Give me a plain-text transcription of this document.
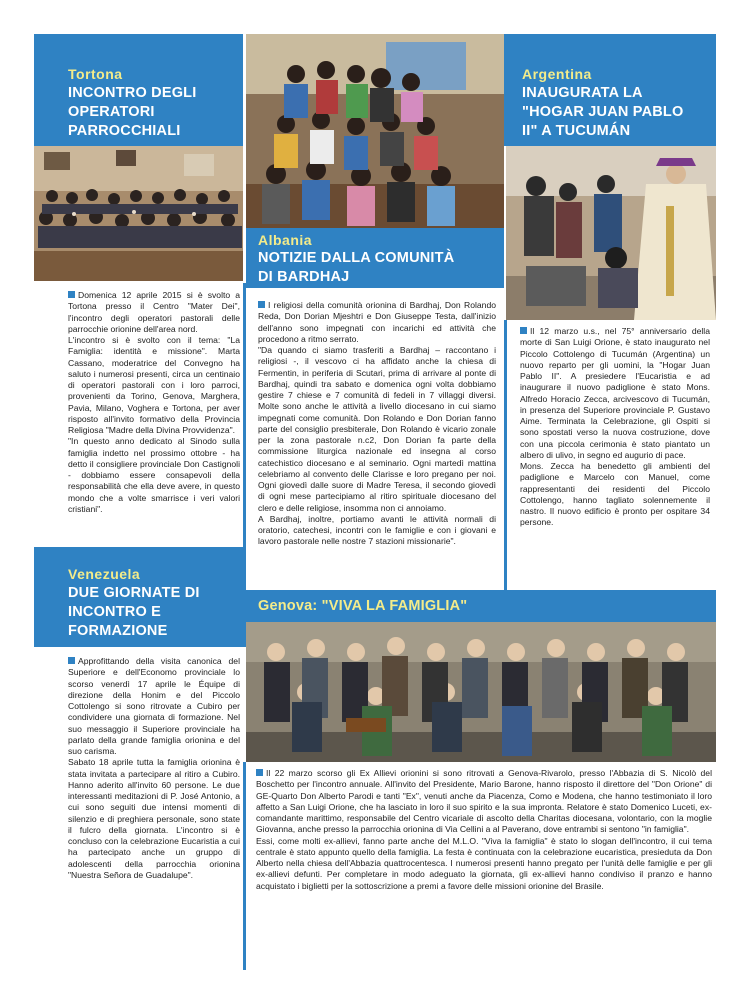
Tortona
INCONTRO DEGLI OPERATORI PARROCCHIALI

Domenica 12 aprile 2015 si è svolto a Tortona presso il Centro "Mater Dei", l'incontro degli operatori pastorali delle parrocchie orionine dell'area nord.

L'incontro si è svolto con il tema: "La Famiglia: identità e missione". Marta Cassano, moderatrice del Convegno ha saluto i numerosi presenti, circa un centinaio di operatori pastorali con i loro parroci, provenienti da Torino, Genova, Marghera, Pavia, Milano, Voghera e Tortona, per aver risposto all'invito formativo della Provincia Religiosa "Madre della Divina Provvidenza".

"In questo anno dedicato al Sinodo sulla famiglia indetto nel prossimo ottobre - ha detto il consigliere provinciale Don Castignoli - dobbiamo essere consapevoli della responsabilità che ella deve avere, in questo mondo che a volte smarrisce i veri valori cristiani".

Albania
NOTIZIE DALLA COMUNITÀ DI BARDHAJ

I religiosi della comunità orionina di Bardhaj, Don Rolando Reda, Don Dorian Mjeshtri e Don Giuseppe Testa, dall'inizio dell'anno sono impegnati con incarichi ed attività che procedono a ritmo serrato.

"Da quando ci siamo trasferiti a Bardhaj – raccontano i religiosi -, il vescovo ci ha affidato anche la chiesa di Fermentin, in periferia di Scutari, prima di arrivare al ponte di Bardhaj, quindi tra sabato e domenica ogni volta dobbiamo gestire 7 chiese e 7 comunità di fedeli in 7 villaggi diversi. Molte sono anche le attività a livello diocesano in cui siamo impegnati come comunità. Don Rolando e Don Dorian fanno parte del consiglio presbiterale, Don Rolando è vicario zonale per la zona pastorale n.c2, Don Dorian fa parte della commissione liturgica nazionale ed insegna al corso catechistico diocesano e al seminario. Ogni martedì mattina celebriamo al convento delle Clarisse e loro pregano per noi. Ogni giovedì dalle suore di Madre Teresa, il secondo giovedì di ogni mese partecipiamo al ritiro spirituale diocesano del clero e delle religiose, insomma non ci annoiamo.

A Bardhaj, inoltre, portiamo avanti le attività normali di oratorio, catechesi, incontri con le famiglie e con i giovani e lavoro pastorale nelle nostre 7 stazioni missionarie".

Argentina
INAUGURATA LA "HOGAR JUAN PABLO II" A TUCUMÁN

Il 12 marzo u.s., nel 75° anniversario della morte di San Luigi Orione, è stato inaugurato nel Piccolo Cottolengo di Tucumán (Argentina) un nuovo reparto per gli uomini, la "Hogar Juan Pablo II". A presiedere l'Eucaristia e ad inaugurare il nuovo padiglione è stato Mons. Alfredo Horacio Zecca, arcivescovo di Tucumán, in presenza del Superiore provinciale P. Gustavo Aime. Terminata la Celebrazione, gli Ospiti si sono spostati verso la nuova costruzione, dove con una piccola cerimonia è stato piantato un albero di ulivo, in segno ed augurio di pace.

Mons. Zecca ha benedetto gli ambienti del padiglione e Marcelo con Manuel, come rappresentanti dei residenti del Piccolo Cottolengo, hanno tagliato solennemente il nastro. Il nuovo edificio è pronto per ospitare 34 persone.

Venezuela
DUE GIORNATE DI INCONTRO E FORMAZIONE

Approfittando della visita canonica del Superiore e dell'Economo provinciale lo scorso venerdì 17 aprile le Équipe di direzione della Honim e del Piccolo Cottolengo si sono ritrovate a Cubiro per condividere una giornata di formazione. Nel suo messaggio il Superiore provinciale ha parlato della grande famiglia orionina e del suo carisma.

Sabato 18 aprile tutta la famiglia orionina è stata invitata a partecipare al ritiro a Cubiro. Hanno aderito all'invito 60 persone. Le due interessanti meditazioni di P. José Antonio, a cui sono seguiti due intensi momenti di silenzio e di preghiera personale, sono state il fulcro della giornata. L'incontro si è concluso con la celebrazione Eucaristia a cui ha partecipato anche un gruppo di adolescenti della parrocchia orionina "Nuestra Señora de Guadalupe".

Genova: "VIVA LA FAMIGLIA"

Il 22 marzo scorso gli Ex Allievi orionini si sono ritrovati a Genova-Rivarolo, presso l'Abbazia di S. Nicolò del Boschetto per l'incontro annuale. All'invito del Presidente, Mario Barone, hanno risposto il direttore del "Don Orione" di GE-Quarto Don Alberto Parodi e tanti "Ex", venuti anche da Piacenza, Como e Modena, che hanno testimoniato il loro affetto a San Luigi Orione, che ha lasciato in loro il suo spirito e la sua impronta. Relatore è stato Domenico Luceti, ex-comandante marittimo, responsabile del Centro vicariale di ascolto della Charitas diocesana, volontario, con la moglie Giovanna, anche presso la parrocchia orionina di Via Cellini a al Paverano, dove entrambi si sentono "in famiglia".

Essi, come molti ex-allievi, fanno parte anche del M.L.O. "Viva la famiglia" è stato lo slogan dell'incontro, il cui tema centrale è stato appunto quello della famiglia. La festa è continuata con la celebrazione eucaristica, presieduta da Don Alberto nella chiesa dell'Abbazia quattrocentesca. I numerosi presenti hanno pregato per l'unità delle famiglie e per gli ex-allievi defunti. Per completare in modo adeguato la giornata, gli ex-allievi hanno condiviso il pranzo e hanno acquistato i biglietti per la sottoscrizione a premi a favore delle missioni orionine del Brasile.
